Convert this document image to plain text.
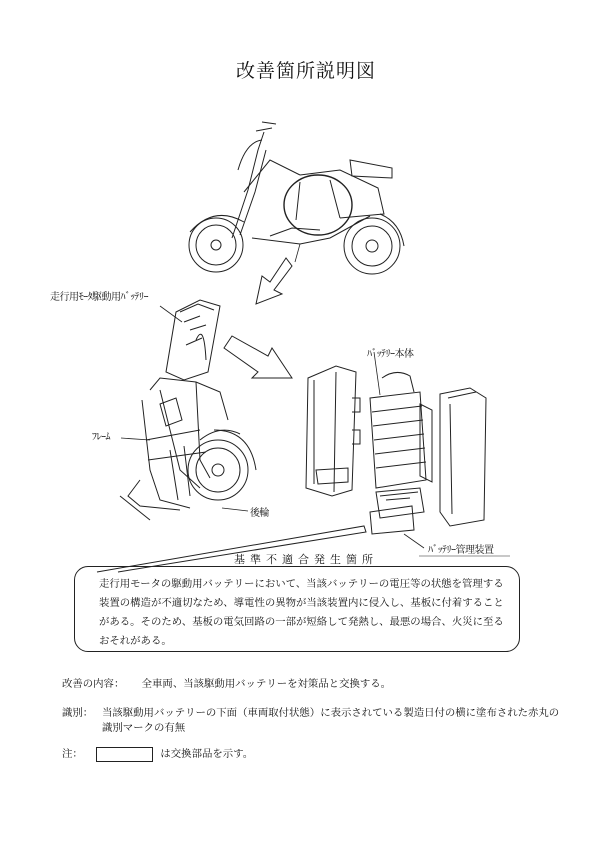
改善箇所説明図
走行用ﾓｰﾀ駆動用ﾊﾞｯﾃﾘｰ
ﾌﾚｰﾑ
後輪
ﾊﾞｯﾃﾘｰ本体
ﾊﾞｯﾃﾘｰ管理装置
基準不適合発生箇所

走行用モータの駆動用バッテリーにおいて、当該バッテリーの電圧等の状態を管理する装置の構造が不適切なため、導電性の異物が当該装置内に侵入し、基板に付着することがある。そのため、基板の電気回路の一部が短絡して発熱し、最悪の場合、火災に至るおそれがある。

改善の内容： 全車両、当該駆動用バッテリーを対策品と交換する。
識別： 当該駆動用バッテリーの下面（車両取付状態）に表示されている製造日付の横に塗布された赤丸の識別マークの有無
注：	は交換部品を示す。
